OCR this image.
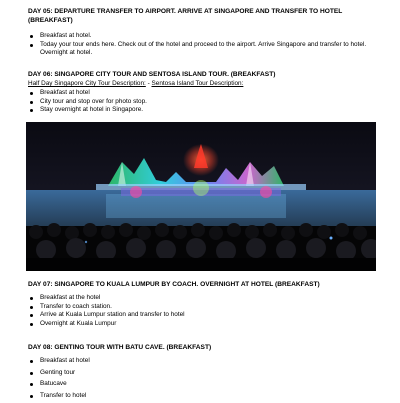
DAY 05: DEPARTURE TRANSFER TO AIRPORT. ARRIVE AT SINGAPORE AND TRANSFER TO HOTEL (BREAKFAST)
Breakfast at hotel.
Today your tour ends here. Check out of the hotel and proceed to the airport. Arrive Singapore and transfer to hotel. Overnight at hotel.
DAY 06: SINGAPORE CITY TOUR AND SENTOSA ISLAND TOUR. (BREAKFAST)
Half Day Singapore City Tour Description: - Sentosa Island Tour Description:
Breakfast at hotel
City tour and stop over for photo stop.
Stay overnight at hotel in Singapore.
DAY 07: SINGAPORE TO KUALA LUMPUR BY COACH. OVERNIGHT AT HOTEL (BREAKFAST)
Breakfast at the hotel
Transfer to coach station.
Arrive at Kuala Lumpur station and transfer to hotel
Overnight at Kuala Lumpur
DAY 08: GENTING TOUR WITH BATU CAVE. (BREAKFAST)
Breakfast at hotel
Genting tour
Batucave
Transfer to hotel
